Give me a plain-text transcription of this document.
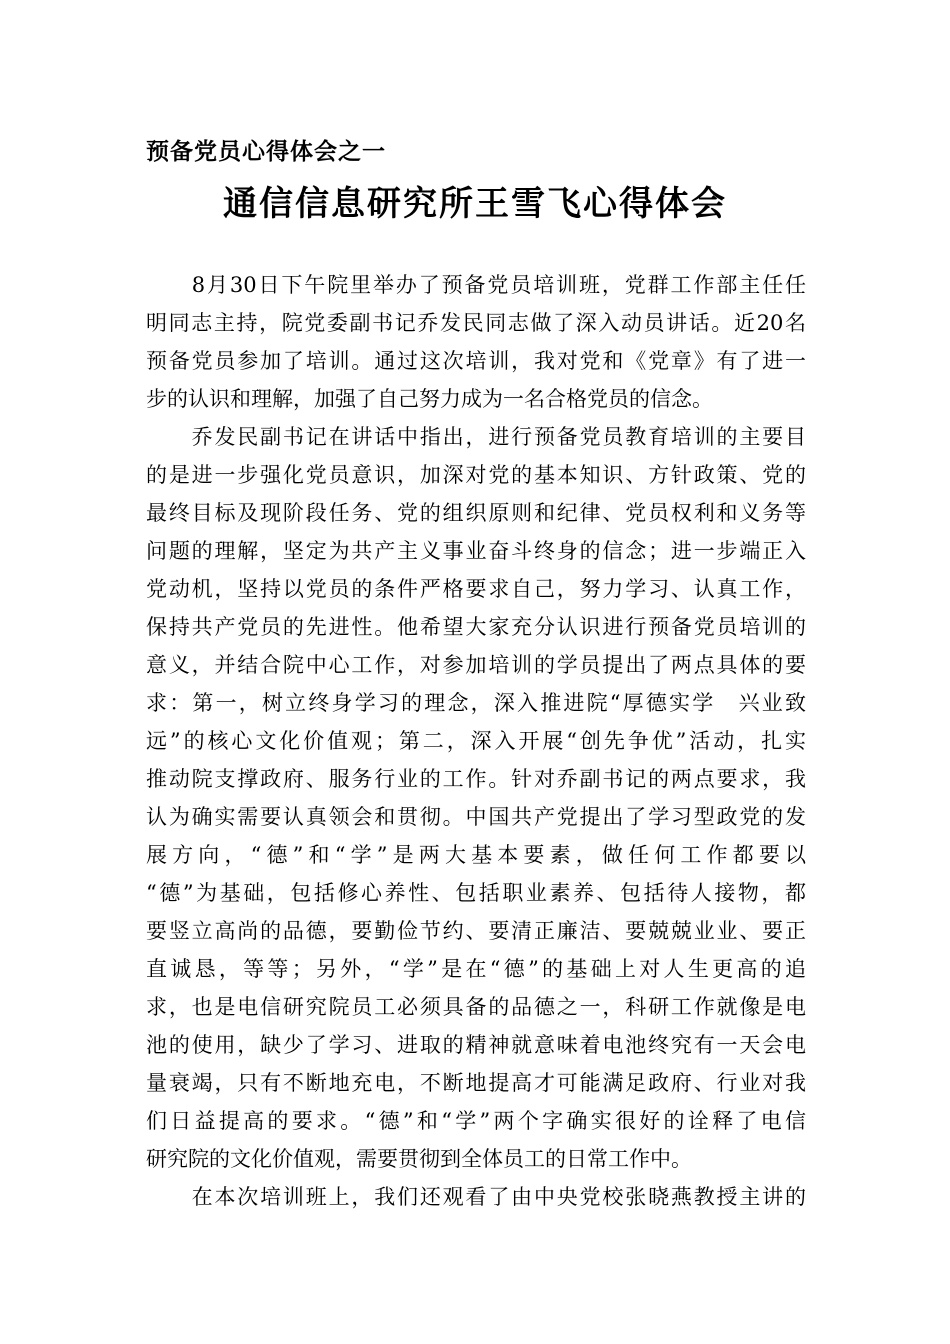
预备党员心得体会之一
通信信息研究所王雪飞心得体会
　　8月30日下午院里举办了预备党员培训班，党群工作部主任任
明同志主持，院党委副书记乔发民同志做了深入动员讲话。近20名
预备党员参加了培训。通过这次培训，我对党和《党章》有了进一
步的认识和理解，加强了自己努力成为一名合格党员的信念。
　　乔发民副书记在讲话中指出，进行预备党员教育培训的主要目
的是进一步强化党员意识，加深对党的基本知识、方针政策、党的
最终目标及现阶段任务、党的组织原则和纪律、党员权利和义务等
问题的理解，坚定为共产主义事业奋斗终身的信念；进一步端正入
党动机，坚持以党员的条件严格要求自己，努力学习、认真工作，
保持共产党员的先进性。他希望大家充分认识进行预备党员培训的
意义，并结合院中心工作，对参加培训的学员提出了两点具体的要
求：第一，树立终身学习的理念，深入推进院“厚德实学　兴业致
远”的核心文化价值观；第二，深入开展“创先争优”活动，扎实
推动院支撑政府、服务行业的工作。针对乔副书记的两点要求，我
认为确实需要认真领会和贯彻。中国共产党提出了学习型政党的发
展方向，“德”和“学”是两大基本要素，做任何工作都要以
“德”为基础，包括修心养性、包括职业素养、包括待人接物，都
要竖立高尚的品德，要勤俭节约、要清正廉洁、要兢兢业业、要正
直诚恳，等等；另外，“学”是在“德”的基础上对人生更高的追
求，也是电信研究院员工必须具备的品德之一，科研工作就像是电
池的使用，缺少了学习、进取的精神就意味着电池终究有一天会电
量衰竭，只有不断地充电，不断地提高才可能满足政府、行业对我
们日益提高的要求。“德”和“学”两个字确实很好的诠释了电信
研究院的文化价值观，需要贯彻到全体员工的日常工作中。
　　在本次培训班上，我们还观看了由中央党校张晓燕教授主讲的
